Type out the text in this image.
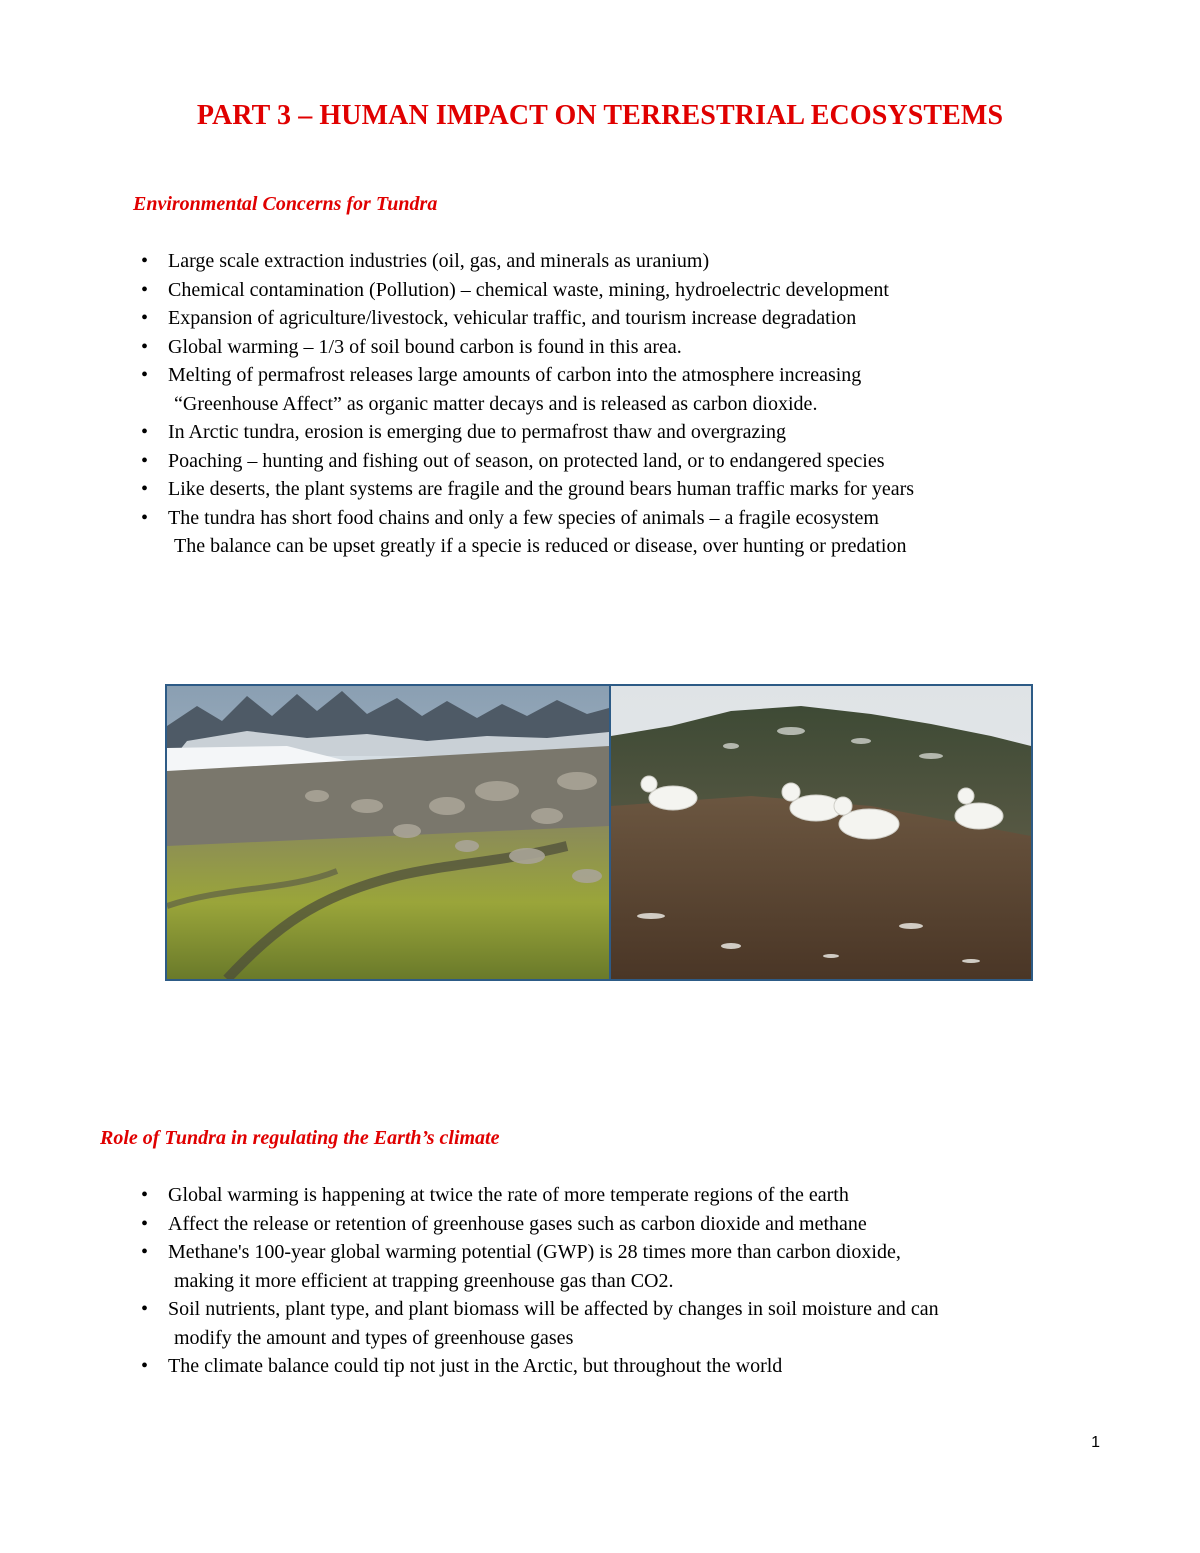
PART 3 – HUMAN IMPACT ON TERRESTRIAL ECOSYSTEMS
Environmental Concerns for Tundra
• Large scale extraction industries (oil, gas, and minerals as uranium)
• Chemical contamination (Pollution) – chemical waste, mining, hydroelectric development
• Expansion of agriculture/livestock, vehicular traffic, and tourism increase degradation
• Global warming – 1/3 of soil bound carbon is found in this area.
• Melting of permafrost releases large amounts of carbon into the atmosphere increasing
“Greenhouse Affect” as organic matter decays and is released as carbon dioxide.
• In Arctic tundra, erosion is emerging due to permafrost thaw and overgrazing
• Poaching – hunting and fishing out of season, on protected land, or to endangered species
• Like deserts, the plant systems are fragile and the ground bears human traffic marks for years
• The tundra has short food chains and only a few species of animals – a fragile ecosystem
The balance can be upset greatly if a specie is reduced or disease, over hunting or predation
Role of Tundra in regulating the Earth’s climate
• Global warming is happening at twice the rate of more temperate regions of the earth
• Affect the release or retention of greenhouse gases such as carbon dioxide and methane
• Methane's 100-year global warming potential (GWP) is 28 times more than carbon dioxide,
making it more efficient at trapping greenhouse gas than CO2.
• Soil nutrients, plant type, and plant biomass will be affected by changes in soil moisture and can
modify the amount and types of greenhouse gases
• The climate balance could tip not just in the Arctic, but throughout the world
1
